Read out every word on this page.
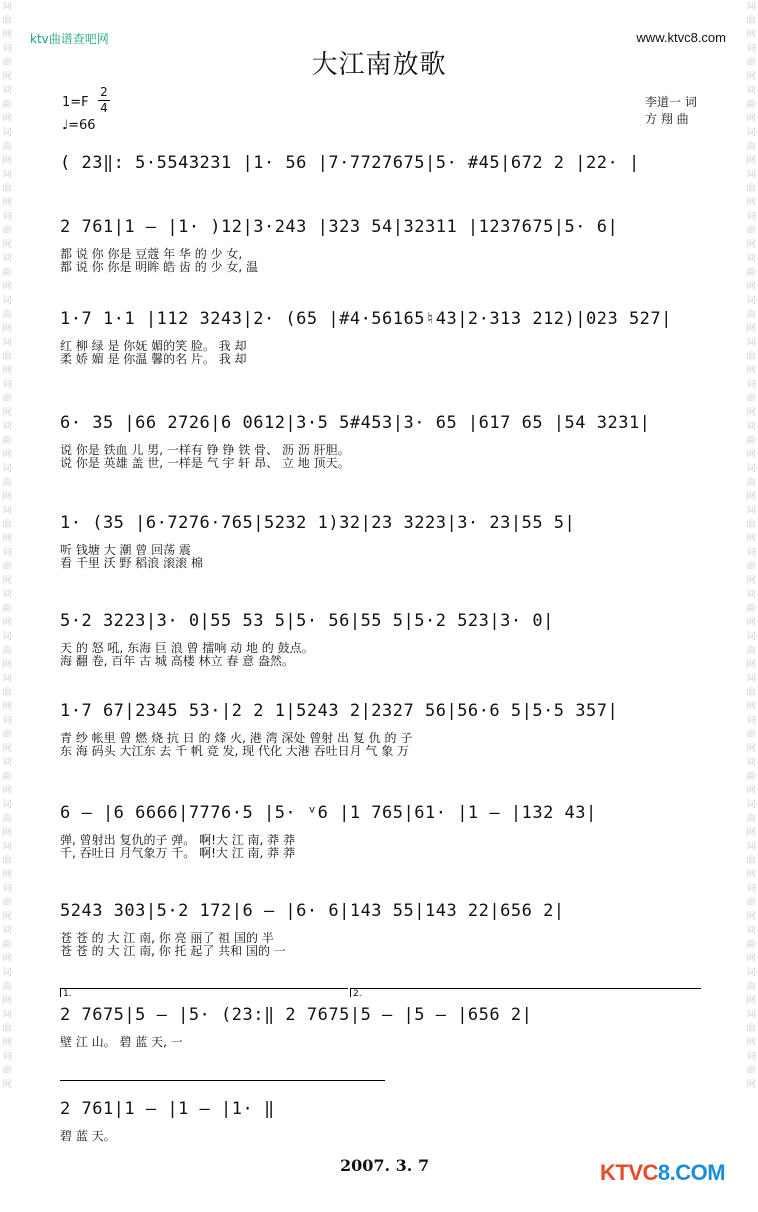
ktv曲谱查吧网	www.ktvc8.com
词曲网词曲网词曲网词曲网词曲网词曲网词曲网词曲网词曲网词曲网词曲网词曲网词曲网词曲网词曲网词曲网词曲网词曲网词曲网词曲网词曲网词曲网词曲网词曲网词曲网词曲网
词曲网词曲网词曲网词曲网词曲网词曲网词曲网词曲网词曲网词曲网词曲网词曲网词曲网词曲网词曲网词曲网词曲网词曲网词曲网词曲网词曲网词曲网词曲网词曲网词曲网词曲网
大江南放歌
1=F
2
4
♩=66
李道一 词
方 翔 曲
( 23‖: 5·5543231 |1· 56 |7·7727675|5· #45|672 2 |22· |
2 761|1 – |1· )12|3·243 |323 54|32311 |1237675|5· 6|
都 说 你 你是 豆蔻 年 华 的 少 女,
都 说 你 你是 明眸 皓 齿 的 少 女, 温
1·7 1·1 |112 3243|2· (65 |#4·56165♮43|2·313 212)|023 527|
红 柳 绿 是 你妩 媚的笑 脸。 我 却
柔 娇 媚 是 你温 馨的名 片。 我 却
6· 35 |66 2726|6 0612|3·5 5#453|3· 65 |617 65 |54 3231|
说 你是 铁血 儿 男, 一样有 铮 铮 铁 骨、 沥 沥 肝胆。
说 你是 英雄 盖 世, 一样是 气 宇 轩 昂、 立 地 顶天。
1· (35 |6·7276·765|5232 1)32|23 3223|3· 23|55 5|
听 钱塘 大 潮 曾 回荡 震
看 千里 沃 野 稻浪 滚滚 棉
5·2 3223|3· 0|55 53 5|5· 56|55 5|5·2 523|3· 0|
天 的 怒 吼, 东海 巨 浪 曾 擂响 动 地 的 鼓点。
海 翻 卷, 百年 古 城 高楼 林立 春 意 盎然。
1·7 67|2345 53·|2 2 1|5243 2|2327 56|56·6 5|5·5 357|
青 纱 帐里 曾 燃 烧 抗 日 的 烽 火, 港 湾 深处 曾射 出 复 仇 的 子
东 海 码头 大江东 去 千 帆 竞 发, 现 代化 大港 吞吐日月 气 象 万
6 – |6 6666|7776·5 |5· ᵛ6 |1 765|61· |1 – |132 43|
弹, 曾射出 复仇的子 弹。 啊!大 江 南, 莽 莽
千, 吞吐日 月气象万 千。 啊!大 江 南, 莽 莽
5243 303|5·2 172|6 – |6· 6|143 55|143 22|656 2|
苍 苍 的 大 江 南, 你 亮 丽了 祖 国的 半
苍 苍 的 大 江 南, 你 托 起了 共和 国的 一
1.	2.
2 7675|5 – |5· (23:‖ 2 7675|5 – |5 – |656 2|
壁 江 山。 碧 蓝 天, 一
2 761|1 – |1 – |1· ‖
碧 蓝 天。
2007. 3. 7	KTVC8.COM
